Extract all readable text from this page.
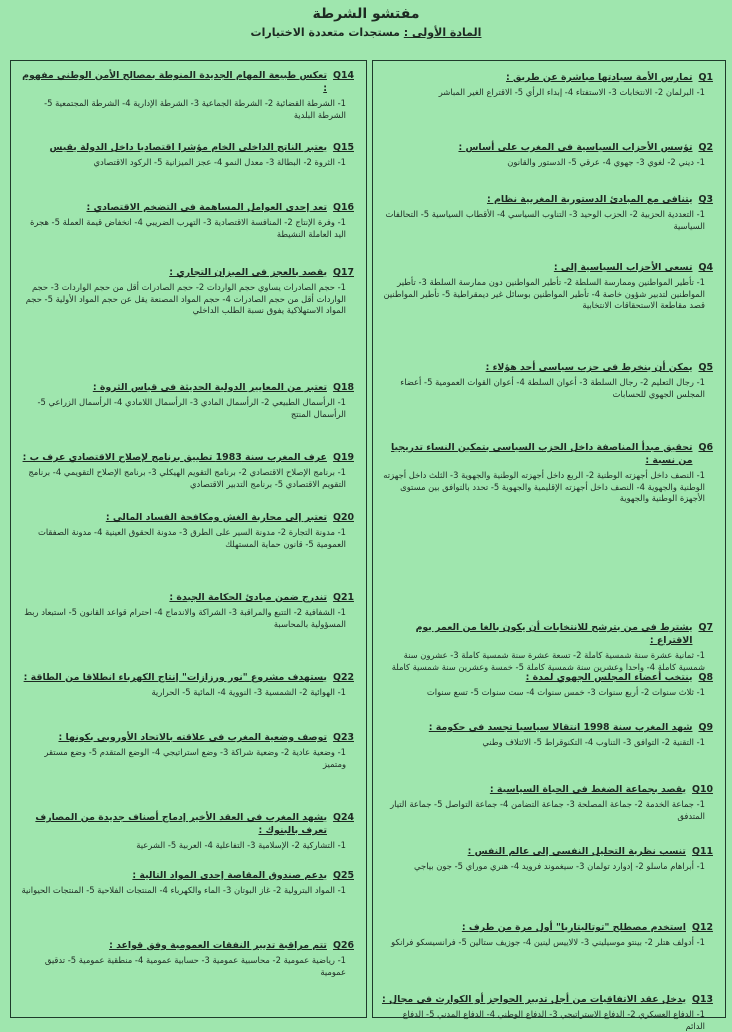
مفتشو الشرطة
المادة الأولى : مستجدات متعددة الاختيارات
Q1
تمارس الأمة سيادتها مباشرة عن طريق :
1- البرلمان 2- الانتخابات 3- الاستفتاء 4- إبداء الرأي 5- الاقتراع الغير المباشر
Q2
تؤسس الأحزاب السياسية في المغرب على أساس :
1- ديني 2- لغوي 3- جهوي 4- عرقي 5- الدستور والقانون
Q3
يتنافى مع المبادئ الدستورية المغربية نظام :
1- التعددية الحزبية 2- الحزب الوحيد 3- التناوب السياسي 4- الأقطاب السياسية 5- التحالفات السياسية
Q4
تسعى الأحزاب السياسية إلى :
1- تأطير المواطنين وممارسة السلطة 2- تأطير المواطنين دون ممارسة السلطة 3- تأطير المواطنين لتدبير شؤون خاصة 4- تأطير المواطنين بوسائل غير ديمقراطية 5- تأطير المواطنين قصد مقاطعة الاستحقاقات الانتخابية
Q5
يمكن أن ينخرط في حزب سياسي أحد هؤلاء :
1- رجال التعليم 2- رجال السلطة 3- أعوان السلطة 4- أعوان القوات العمومية 5- أعضاء المجلس الجهوي للحسابات
Q6
تحقيق مبدأ المناصفة داخل الحزب السياسي بتمكين النساء تدريجيا من نسبة :
1- النصف داخل أجهزته الوطنية 2- الربع داخل أجهزته الوطنية والجهوية 3- الثلث داخل أجهزته الوطنية والجهوية 4- النصف داخل أجهزته الإقليمية والجهوية 5- تحدد بالتوافق بين مستوى الأجهزة الوطنية والجهوية
Q7
يشترط في من يترشح للانتخابات أن يكون بالغا من العمر يوم الاقتراع :
1- ثمانية عشرة سنة شمسية كاملة 2- تسعة عشرة سنة شمسية كاملة 3- عشرون سنة شمسية كاملة 4- واحدا وعشرين سنة شمسية كاملة 5- خمسة وعشرين سنة شمسية كاملة
Q8
ينتخب أعضاء المجلس الجهوي لمدة :
1- ثلاث سنوات 2- أربع سنوات 3- خمس سنوات 4- ست سنوات 5- تسع سنوات
Q9
شهد المغرب سنة 1998 انتقالا سياسيا تجسد في حكومة :
1- التقنية 2- التوافق 3- التناوب 4- التكنوقراط 5- الائتلاف وطني
Q10
يقصد بجماعة الضغط في الحياة السياسية :
1- جماعة الخدمة 2- جماعة المصلحة 3- جماعة التضامن 4- جماعة التواصل 5- جماعة التيار المتدفق
Q11
تنسب نظرية التحليل النفسي إلى عالم النفس :
1- أبراهام ماسلو 2- إدوارد تولمان 3- سيغموند فرويد 4- هنري موراي 5- جون بياجي
Q12
استخدم مصطلح "توتاليتاريا" أول مرة من طرف :
1- أدولف هتلر 2- بينتو موسيليني 3- لالاييس لينين 4- جوزيف ستالين 5- فرانسيسكو فرانكو
Q13
يدخل عقد الاتفاقيات من أجل تدبير الحواجز أو الكوارث في مجال :
1- الدفاع العسكري 2- الدفاع الاستراتيجي 3- الدفاع الوطني 4- الدفاع المدني 5- الدفاع الدائم
Q14
تعكس طبيعة المهام الجديدة المنوطة بمصالح الأمن الوطني مفهوم :
1- الشرطة القضائية 2- الشرطة الجماعية 3- الشرطة الإدارية 4- الشرطة المجتمعية 5- الشرطة البلدية
Q15
يعتبر الناتج الداخلي الخام مؤشرا اقتصاديا داخل الدولة يقيس
1- الثروة 2- البطالة 3- معدل النمو 4- عجز الميزانية 5- الركود الاقتصادي
Q16
تعد إحدى العوامل المساهمة في التضخم الاقتصادي :
1- وفرة الإنتاج 2- المنافسة الاقتصادية 3- التهرب الضريبي 4- انخفاض قيمة العملة 5- هجرة اليد العاملة النشيطة
Q17
يقصد بالعجز في الميزان التجاري :
1- حجم الصادرات يساوي حجم الواردات 2- حجم الصادرات أقل من حجم الواردات 3- حجم الواردات أقل من حجم الصادرات 4- حجم المواد المصنعة يقل عن حجم المواد الأولية 5- حجم المواد الاستهلاكية يفوق نسبة الطلب الداخلي
Q18
تعتبر من المعايير الدولية الحديثة في قياس الثروة :
1- الرأسمال الطبيعي 2- الرأسمال المادي 3- الرأسمال اللامادي 4- الرأسمال الزراعي 5- الرأسمال المنتج
Q19
عرف المغرب سنة 1983 تطبيق برنامج لإصلاح الاقتصادي عرف ب :
1- برنامج الإصلاح الاقتصادي 2- برنامج التقويم الهيكلي 3- برنامج الإصلاح التقويمي 4- برنامج التقويم الاقتصادي 5- برنامج التدبير الاقتصادي
Q20
تعتبر إلى محاربة الغش ومكافحة الفساد المالي :
1- مدونة التجارة 2- مدونة السير على الطرق 3- مدونة الحقوق العينية 4- مدونة الصفقات العمومية 5- قانون حماية المستهلك
Q21
تندرج ضمن مبادئ الحكامة الجيدة :
1- الشفافية 2- التتبع والمراقبة 3- الشراكة والاندماج 4- احترام قواعد القانون 5- استبعاد ربط المسؤولية بالمحاسبة
Q22
يستهدف مشروع "نور ورزازات" إنتاج الكهرباء انطلاقا من الطاقة :
1- الهوائية 2- الشمسية 3- النووية 4- المائية 5- الحرارية
Q23
توصف وضعية المغرب في علاقته بالاتحاد الأوروبي بكونها :
1- وضعية عادية 2- وضعية شراكة 3- وضع استراتيجي 4- الوضع المتقدم 5- وضع مستقر ومتميز
Q24
يشهد المغرب في العقد الأخير إدماج أصناف جديدة من المصارف تعرف بالبنوك :
1- التشاركية 2- الإسلامية 3- التفاعلية 4- العربية 5- الشرعية
Q25
يدعم صندوق المقاصة إحدى المواد التالية :
1- المواد البترولية 2- غاز البوتان 3- الماء والكهرباء 4- المنتجات الفلاحية 5- المنتجات الحيوانية
Q26
تتم مراقبة تدبير النفقات العمومية وفق قواعد :
1- رياضية عمومية 2- محاسبية عمومية 3- حسابية عمومية 4- منطقية عمومية 5- تدقيق عمومية
